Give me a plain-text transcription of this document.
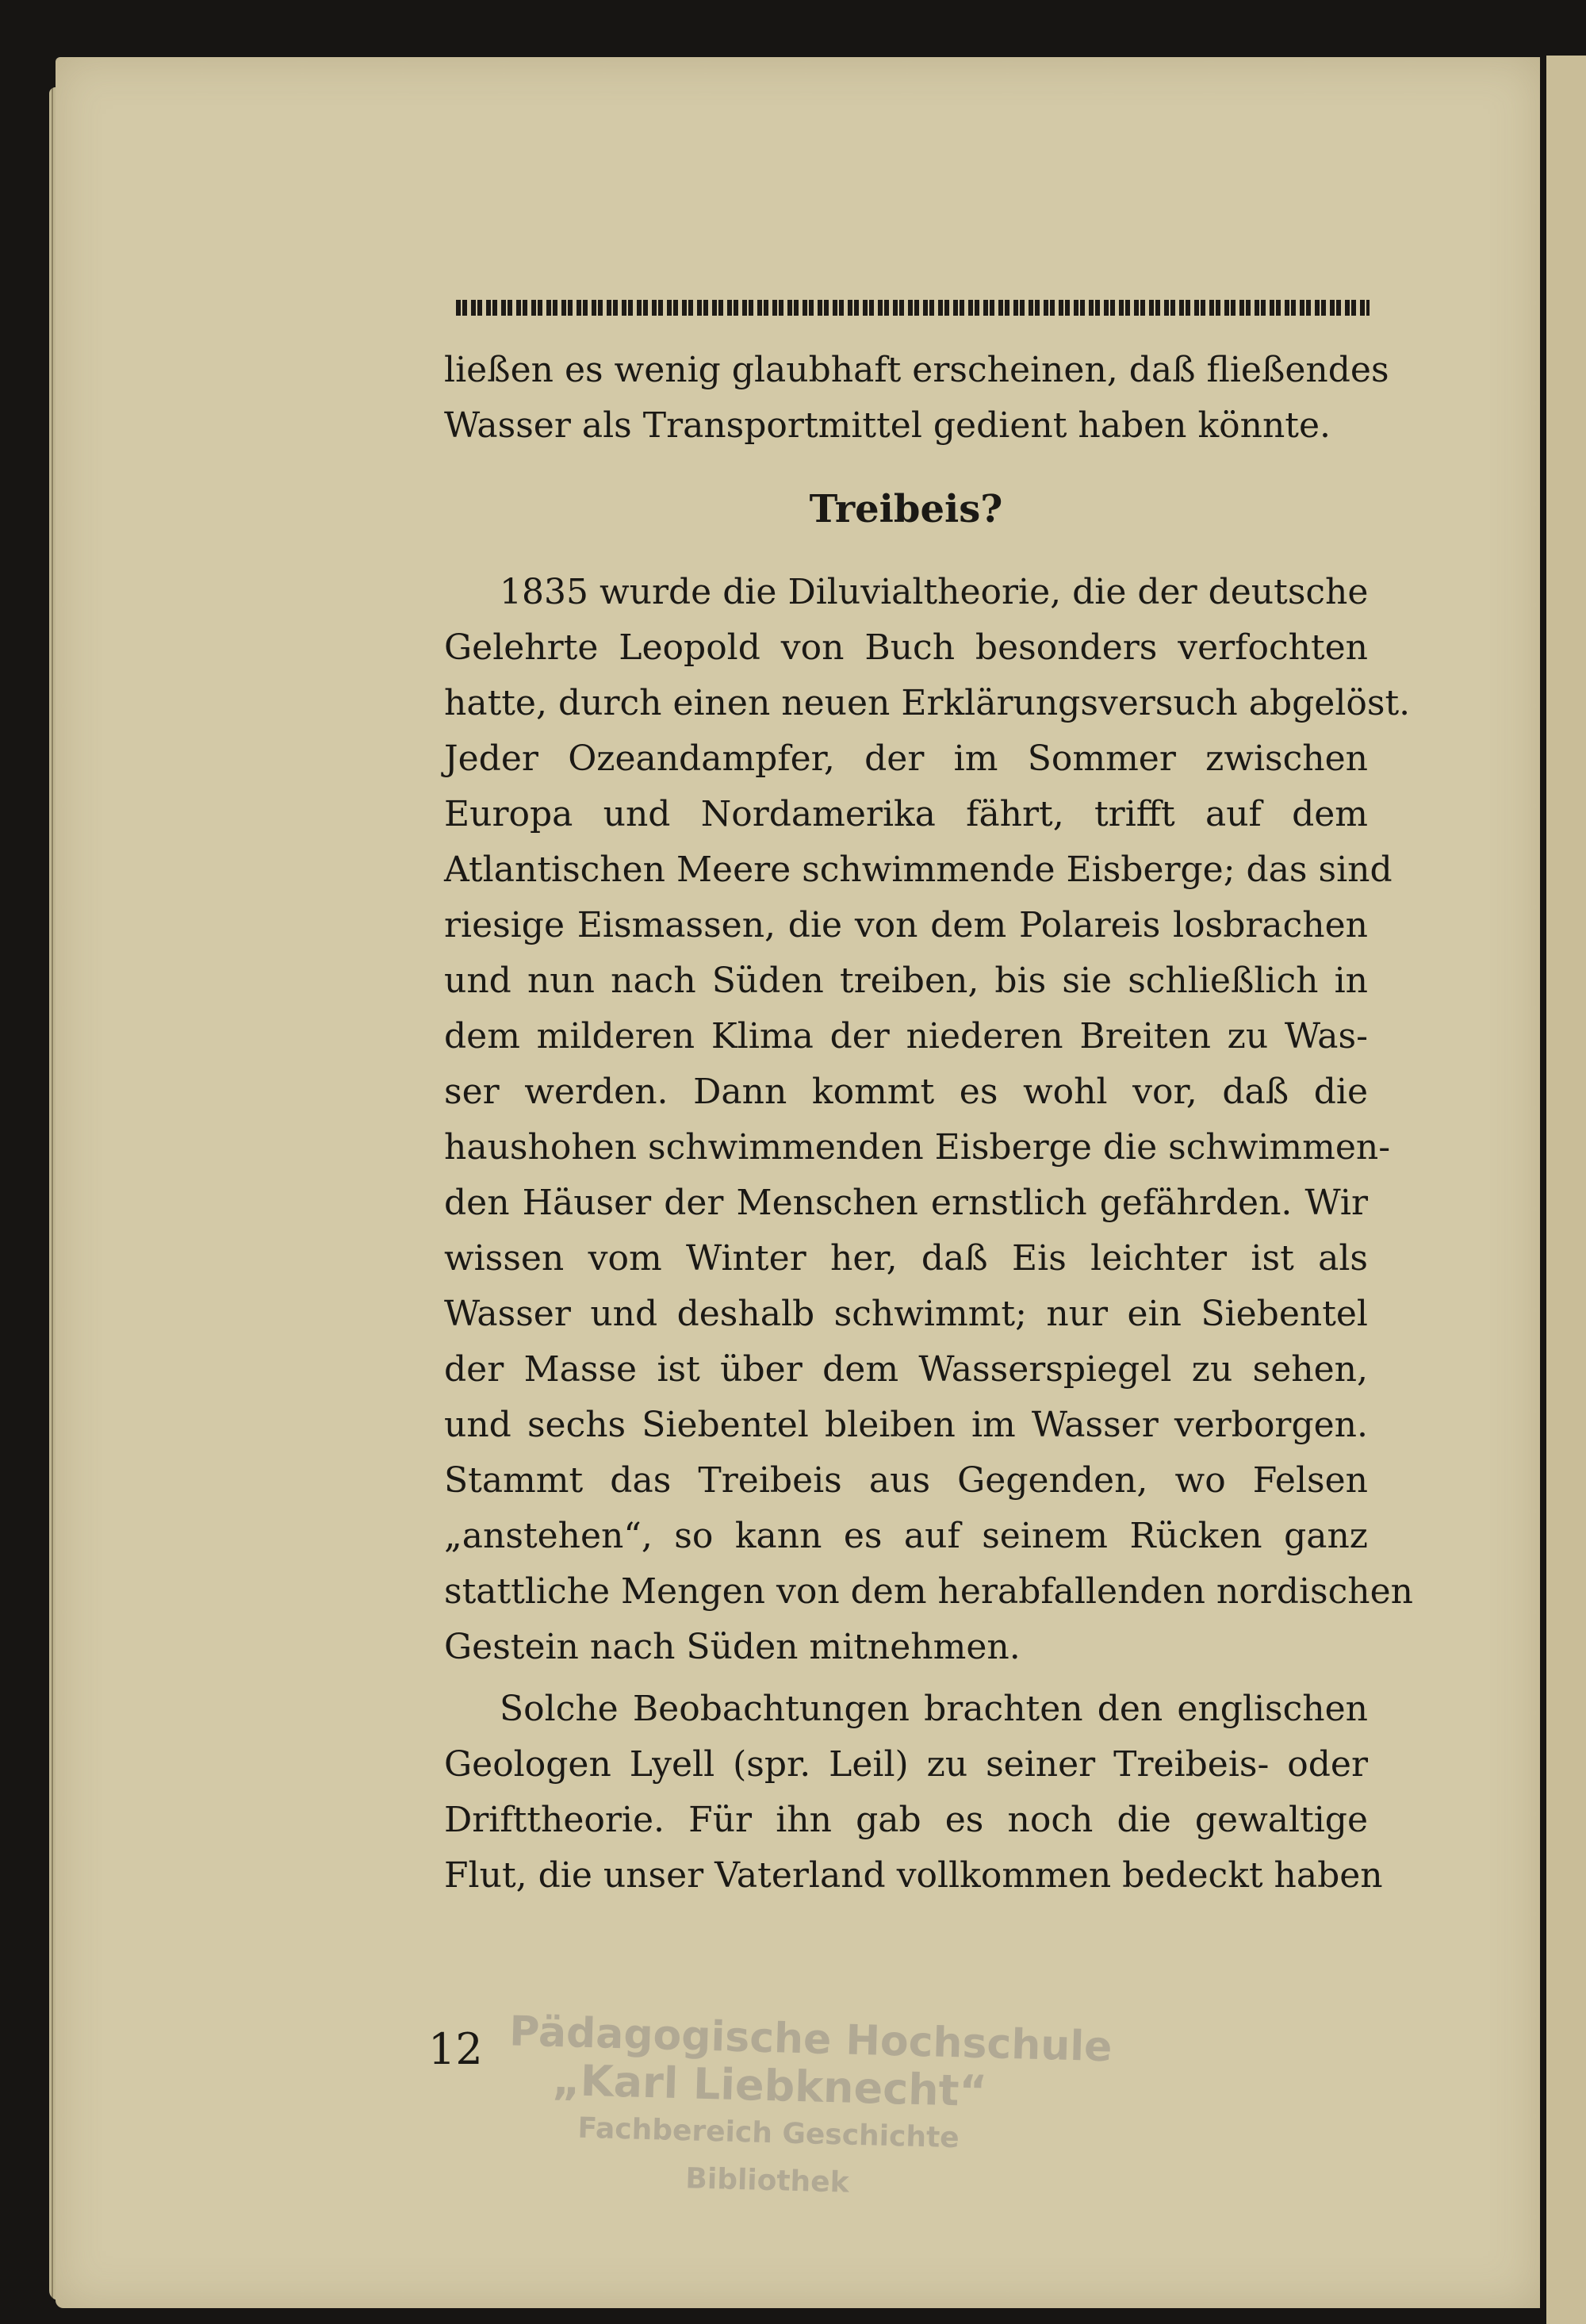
ließen es wenig glaubhaft erscheinen, daß fließendes
Wasser als Transportmittel gedient haben könnte.
Treibeis?
1835 wurde die Diluvialtheorie, die der deutsche
Gelehrte Leopold von Buch besonders verfochten
hatte, durch einen neuen Erklärungsversuch abgelöst.
Jeder Ozeandampfer, der im Sommer zwischen
Europa und Nordamerika fährt, trifft auf dem
Atlantischen Meere schwimmende Eisberge; das sind
riesige Eismassen, die von dem Polareis losbrachen
und nun nach Süden treiben, bis sie schließlich in
dem milderen Klima der niederen Breiten zu Was-
ser werden. Dann kommt es wohl vor, daß die
haushohen schwimmenden Eisberge die schwimmen-
den Häuser der Menschen ernstlich gefährden. Wir
wissen vom Winter her, daß Eis leichter ist als
Wasser und deshalb schwimmt; nur ein Siebentel
der Masse ist über dem Wasserspiegel zu sehen,
und sechs Siebentel bleiben im Wasser verborgen.
Stammt das Treibeis aus Gegenden, wo Felsen
„anstehen“, so kann es auf seinem Rücken ganz
stattliche Mengen von dem herabfallenden nordischen
Gestein nach Süden mitnehmen.
Solche Beobachtungen brachten den englischen
Geologen Lyell (spr. Leil) zu seiner Treibeis- oder
Drifttheorie. Für ihn gab es noch die gewaltige
Flut, die unser Vaterland vollkommen bedeckt haben
12 Pädagogische Hochschule
„Karl Liebknecht“
Fachbereich Geschichte
Bibliothek
